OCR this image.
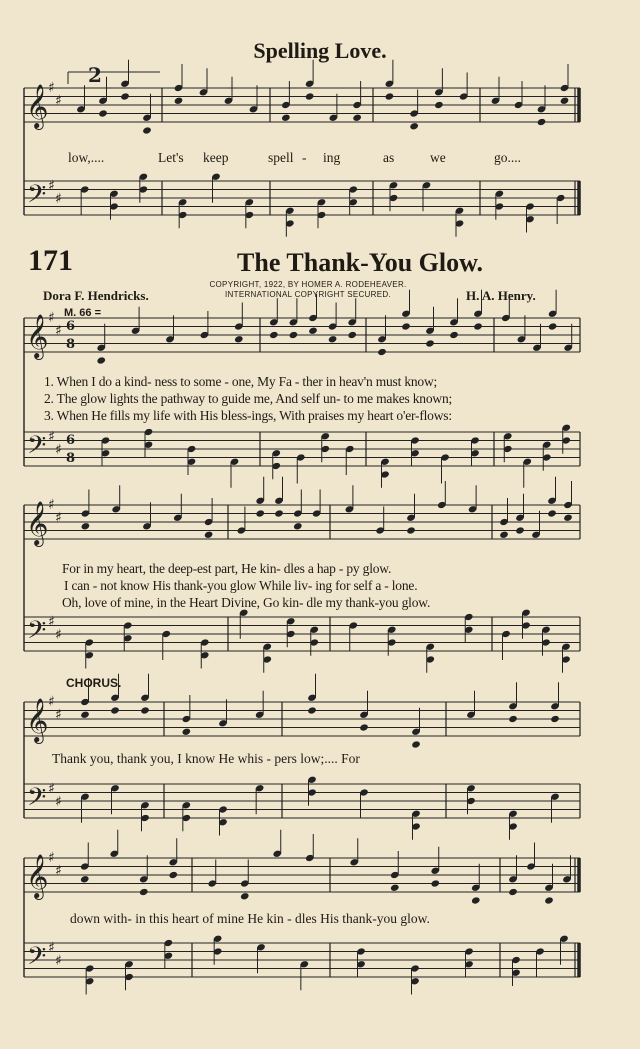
Spelling Love.
171	The Thank-You Glow.
Dora F. Hendricks.
COPYRIGHT, 1922, BY HOMER A. RODEHEAVER.
INTERNATIONAL COPYRIGHT SECURED.	H. A. Henry.
M. 66 =
low,....	Let's keep	spell - ing	as	we	go....
1. When I do a kind- ness to some - one, My Fa - ther in heav'n must know;
2. The glow lights the pathway to guide me, And self un- to me makes known;
3. When He fills my life with His bless-ings, With praises my heart o'er-flows:
For in my heart, the deep-est part, He kin- dles a hap - py glow.
I can - not know His thank-you glow While liv- ing for self a - lone.
Oh, love of mine, in the Heart Divine, Go kin- dle my thank-you glow.
CHORUS.
Thank you, thank you, I know He whis - pers low;.... For
down with- in this heart of mine He kin - dles His thank-you glow.
2
𝄞
𝄢
♯
♯
♯
♯
𝄞
𝄢
♯
♯
♯
♯
6
8
6
8
𝄞
𝄢
♯
♯
♯
♯
𝄞
𝄢
♯
♯
♯
♯
𝄞
𝄢
♯
♯
♯
♯
